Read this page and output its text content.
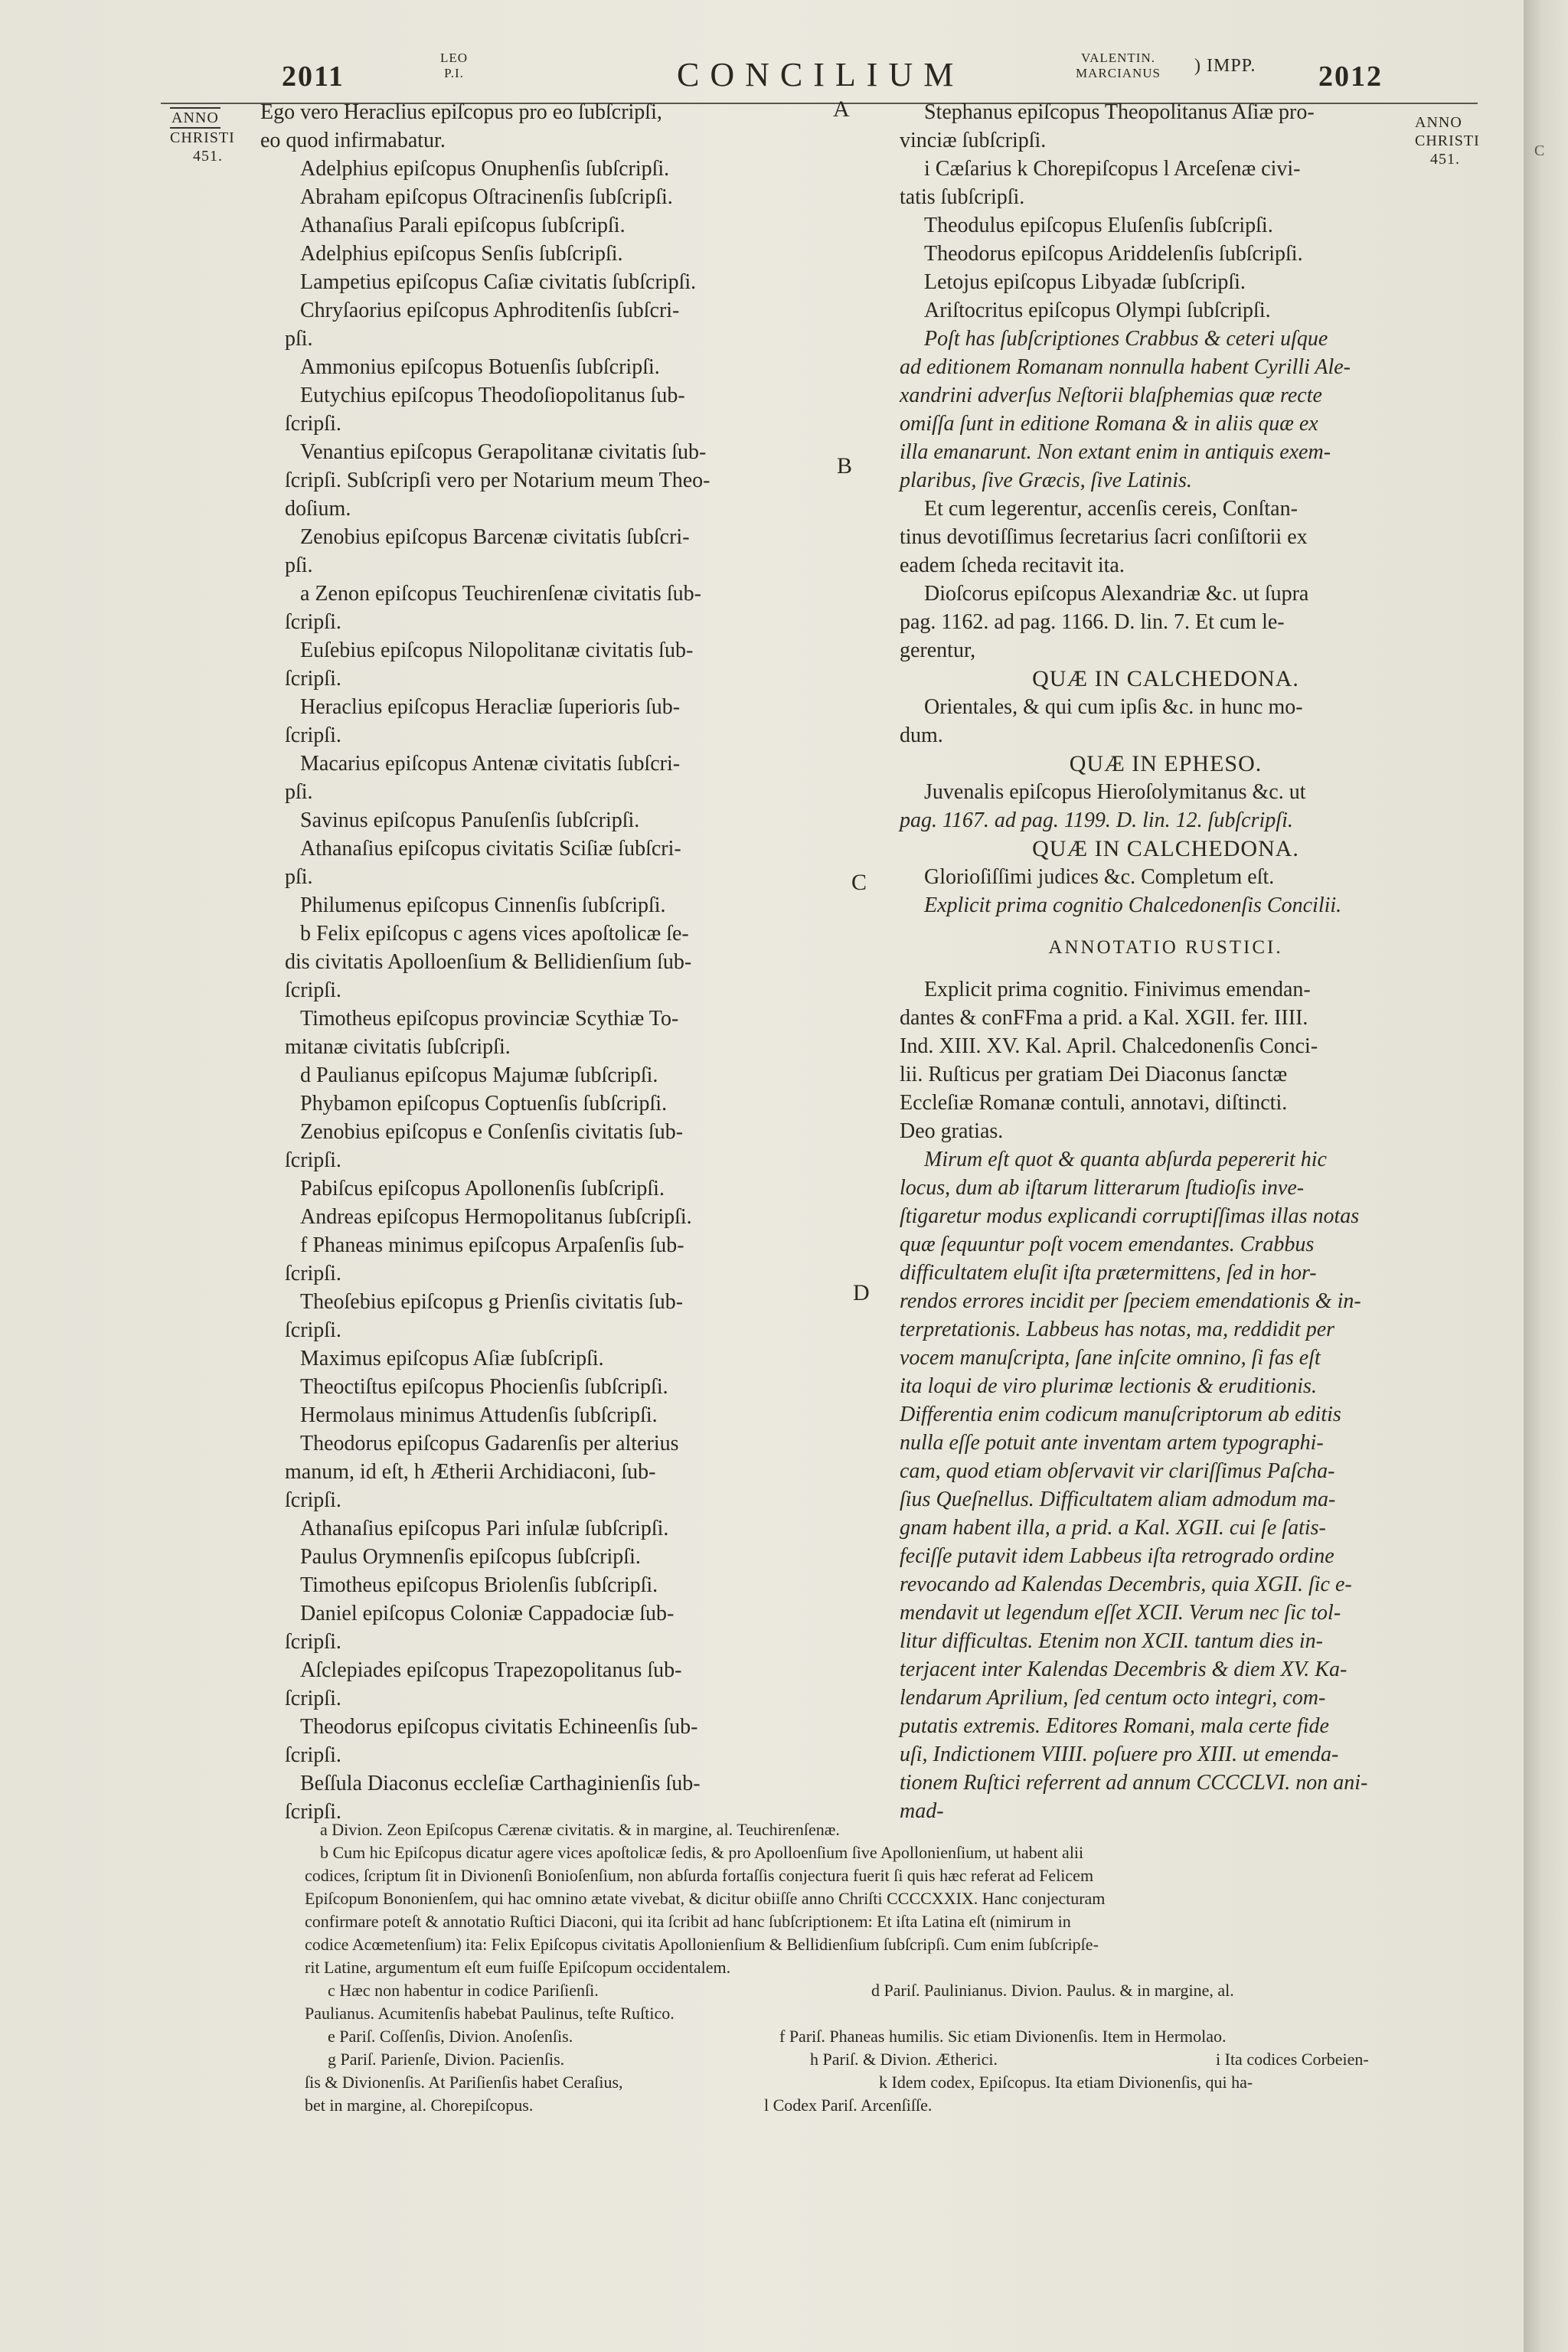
2011
LEO
P.I.	CONCILIUM	VALENTIN.
MARCIANUS ) IMPP. 2012
ANNO
CHRISTI
451.
ANNO
CHRISTI
451.
A
B
C
D
Ego vero Heraclius epiſcopus pro eo ſubſcripſi,
eo quod infirmabatur.
Adelphius epiſcopus Onuphenſis ſubſcripſi.
Abraham epiſcopus Oſtracinenſis ſubſcripſi.
Athanaſius Parali epiſcopus ſubſcripſi.
Adelphius epiſcopus Senſis ſubſcripſi.
Lampetius epiſcopus Caſiæ civitatis ſubſcripſi.
Chryſaorius epiſcopus Aphroditenſis ſubſcri-
pſi.
Ammonius epiſcopus Botuenſis ſubſcripſi.
Eutychius epiſcopus Theodoſiopolitanus ſub-
ſcripſi.
Venantius epiſcopus Gerapolitanæ civitatis ſub-
ſcripſi. Subſcripſi vero per Notarium meum Theo-
doſium.
Zenobius epiſcopus Barcenæ civitatis ſubſcri-
pſi.
a Zenon epiſcopus Teuchirenſenæ civitatis ſub-
ſcripſi.
Euſebius epiſcopus Nilopolitanæ civitatis ſub-
ſcripſi.
Heraclius epiſcopus Heracliæ ſuperioris ſub-
ſcripſi.
Macarius epiſcopus Antenæ civitatis ſubſcri-
pſi.
Savinus epiſcopus Panuſenſis ſubſcripſi.
Athanaſius epiſcopus civitatis Sciſiæ ſubſcri-
pſi.
Philumenus epiſcopus Cinnenſis ſubſcripſi.
b Felix epiſcopus c agens vices apoſtolicæ ſe-
dis civitatis Apolloenſium & Bellidienſium ſub-
ſcripſi.
Timotheus epiſcopus provinciæ Scythiæ To-
mitanæ civitatis ſubſcripſi.
d Paulianus epiſcopus Majumæ ſubſcripſi.
Phybamon epiſcopus Coptuenſis ſubſcripſi.
Zenobius epiſcopus e Conſenſis civitatis ſub-
ſcripſi.
Pabiſcus epiſcopus Apollonenſis ſubſcripſi.
Andreas epiſcopus Hermopolitanus ſubſcripſi.
f Phaneas minimus epiſcopus Arpaſenſis ſub-
ſcripſi.
Theoſebius epiſcopus g Prienſis civitatis ſub-
ſcripſi.
Maximus epiſcopus Aſiæ ſubſcripſi.
Theoctiſtus epiſcopus Phocienſis ſubſcripſi.
Hermolaus minimus Attudenſis ſubſcripſi.
Theodorus epiſcopus Gadarenſis per alterius
manum, id eſt, h Ætherii Archidiaconi, ſub-
ſcripſi.
Athanaſius epiſcopus Pari inſulæ ſubſcripſi.
Paulus Orymnenſis epiſcopus ſubſcripſi.
Timotheus epiſcopus Briolenſis ſubſcripſi.
Daniel epiſcopus Coloniæ Cappadociæ ſub-
ſcripſi.
Aſclepiades epiſcopus Trapezopolitanus ſub-
ſcripſi.
Theodorus epiſcopus civitatis Echineenſis ſub-
ſcripſi.
Beſſula Diaconus eccleſiæ Carthaginienſis ſub-
ſcripſi.
Stephanus epiſcopus Theopolitanus Aſiæ pro-
vinciæ ſubſcripſi.
i Cæſarius k Chorepiſcopus l Arceſenæ civi-
tatis ſubſcripſi.
Theodulus epiſcopus Eluſenſis ſubſcripſi.
Theodorus epiſcopus Ariddelenſis ſubſcripſi.
Letojus epiſcopus Libyadæ ſubſcripſi.
Ariſtocritus epiſcopus Olympi ſubſcripſi.
Poſt has ſubſcriptiones Crabbus & ceteri uſque
ad editionem Romanam nonnulla habent Cyrilli Ale-
xandrini adverſus Neſtorii blaſphemias quæ recte
omiſſa ſunt in editione Romana & in aliis quæ ex
illa emanarunt. Non extant enim in antiquis exem-
plaribus, ſive Græcis, ſive Latinis.
Et cum legerentur, accenſis cereis, Conſtan-
tinus devotiſſimus ſecretarius ſacri conſiſtorii ex
eadem ſcheda recitavit ita.
Dioſcorus epiſcopus Alexandriæ &c. ut ſupra
pag. 1162. ad pag. 1166. D. lin. 7. Et cum le-
gerentur,
QUÆ IN CALCHEDONA.
Orientales, & qui cum ipſis &c. in hunc mo-
dum.
QUÆ IN EPHESO.
Juvenalis epiſcopus Hieroſolymitanus &c. ut
pag. 1167. ad pag. 1199. D. lin. 12. ſubſcripſi.
QUÆ IN CALCHEDONA.
Glorioſiſſimi judices &c. Completum eſt.
Explicit prima cognitio Chalcedonenſis Concilii.
ANNOTATIO RUSTICI.
Explicit prima cognitio. Finivimus emendan-
dantes & conFFma a prid. a Kal. XGII. fer. IIII.
Ind. XIII. XV. Kal. April. Chalcedonenſis Conci-
lii. Ruſticus per gratiam Dei Diaconus ſanctæ
Eccleſiæ Romanæ contuli, annotavi, diſtincti.
Deo gratias.
Mirum eſt quot & quanta abſurda pepererit hic
locus, dum ab iſtarum litterarum ſtudioſis inve-
ſtigaretur modus explicandi corruptiſſimas illas notas
quæ ſequuntur poſt vocem emendantes. Crabbus
difficultatem eluſit iſta prætermittens, ſed in hor-
rendos errores incidit per ſpeciem emendationis & in-
terpretationis. Labbeus has notas, ma, reddidit per
vocem manuſcripta, ſane inſcite omnino, ſi fas eſt
ita loqui de viro plurimæ lectionis & eruditionis.
Differentia enim codicum manuſcriptorum ab editis
nulla eſſe potuit ante inventam artem typographi-
cam, quod etiam obſervavit vir clariſſimus Paſcha-
ſius Queſnellus. Difficultatem aliam admodum ma-
gnam habent illa, a prid. a Kal. XGII. cui ſe ſatis-
feciſſe putavit idem Labbeus iſta retrogrado ordine
revocando ad Kalendas Decembris, quia XGII. ſic e-
mendavit ut legendum eſſet XCII. Verum nec ſic tol-
litur difficultas. Etenim non XCII. tantum dies in-
terjacent inter Kalendas Decembris & diem XV. Ka-
lendarum Aprilium, ſed centum octo integri, com-
putatis extremis. Editores Romani, mala certe fide
uſi, Indictionem VIIII. poſuere pro XIII. ut emenda-
tionem Ruſtici referrent ad annum CCCCLVI. non ani-
mad-
a Divion. Zeon Epiſcopus Cærenæ civitatis. & in margine, al. Teuchirenſenæ.
b Cum hic Epiſcopus dicatur agere vices apoſtolicæ ſedis, & pro Apolloenſium ſive Apollonienſium, ut habent alii
codices, ſcriptum ſit in Divionenſi Bonioſenſium, non abſurda fortaſſis conjectura fuerit ſi quis hæc referat ad Felicem
Epiſcopum Bononienſem, qui hac omnino ætate vivebat, & dicitur obiiſſe anno Chriſti CCCCXXIX. Hanc conjecturam
confirmare poteſt & annotatio Ruſtici Diaconi, qui ita ſcribit ad hanc ſubſcriptionem: Et iſta Latina eſt (nimirum in
codice Acœmetenſium) ita: Felix Epiſcopus civitatis Apollonienſium & Bellidienſium ſubſcripſi. Cum enim ſubſcripſe-
rit Latine, argumentum eſt eum fuiſſe Epiſcopum occidentalem.
c Hæc non habentur in codice Pariſienſi.	d Pariſ. Paulinianus. Divion. Paulus. & in margine, al.
Paulianus. Acumitenſis habebat Paulinus, teſte Ruſtico.
e Pariſ. Coſſenſis, Divion. Anoſenſis.	f Pariſ. Phaneas humilis. Sic etiam Divionenſis. Item in Hermolao.
g Pariſ. Parienſe, Divion. Pacienſis.	h Pariſ. & Divion. Ætherici.	i Ita codices Corbeien-
ſis & Divionenſis. At Pariſienſis habet Ceraſius,	k Idem codex, Epiſcopus. Ita etiam Divionenſis, qui ha-
bet in margine, al. Chorepiſcopus.	l Codex Pariſ. Arcenſiſſe.
C
